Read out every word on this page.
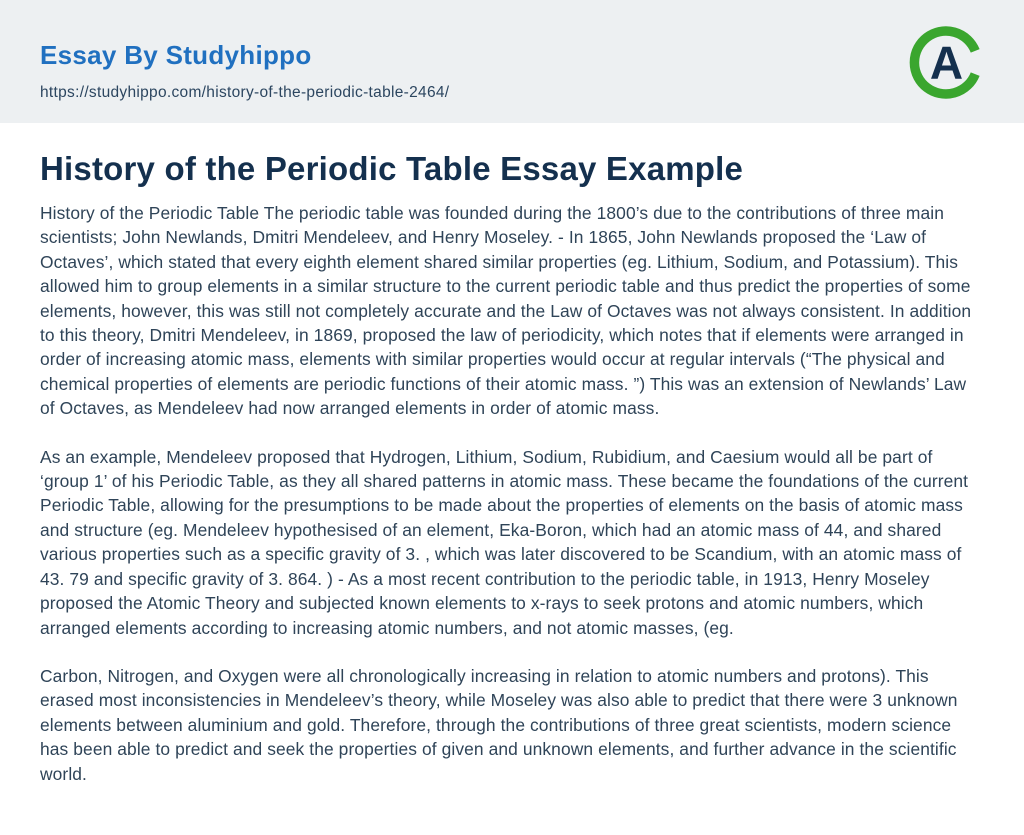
Essay By Studyhippo
https://studyhippo.com/history-of-the-periodic-table-2464/
A
History of the Periodic Table Essay Example

History of the Periodic Table The periodic table was founded during the 1800’s due to the contributions of three main scientists; John Newlands, Dmitri Mendeleev, and Henry Moseley. - In 1865, John Newlands proposed the ‘Law of Octaves’, which stated that every eighth element shared similar properties (eg. Lithium, Sodium, and Potassium). This allowed him to group elements in a similar structure to the current periodic table and thus predict the properties of some elements, however, this was still not completely accurate and the Law of Octaves was not always consistent. In addition to this theory, Dmitri Mendeleev, in 1869, proposed the law of periodicity, which notes that if elements were arranged in order of increasing atomic mass, elements with similar properties would occur at regular intervals (“The physical and chemical properties of elements are periodic functions of their atomic mass. ”) This was an extension of Newlands’ Law of Octaves, as Mendeleev had now arranged elements in order of atomic mass.

As an example, Mendeleev proposed that Hydrogen, Lithium, Sodium, Rubidium, and Caesium would all be part of ‘group 1’ of his Periodic Table, as they all shared patterns in atomic mass. These became the foundations of the current Periodic Table, allowing for the presumptions to be made about the properties of elements on the basis of atomic mass and structure (eg. Mendeleev hypothesised of an element, Eka-Boron, which had an atomic mass of 44, and shared various properties such as a specific gravity of 3. , which was later discovered to be Scandium, with an atomic mass of 43. 79 and specific gravity of 3. 864. ) - As a most recent contribution to the periodic table, in 1913, Henry Moseley proposed the Atomic Theory and subjected known elements to x-rays to seek protons and atomic numbers, which arranged elements according to increasing atomic numbers, and not atomic masses, (eg.

Carbon, Nitrogen, and Oxygen were all chronologically increasing in relation to atomic numbers and protons). This erased most inconsistencies in Mendeleev’s theory, while Moseley was also able to predict that there were 3 unknown elements between aluminium and gold. Therefore, through the contributions of three great scientists, modern science has been able to predict and seek the properties of given and unknown elements, and further advance in the scientific world.
